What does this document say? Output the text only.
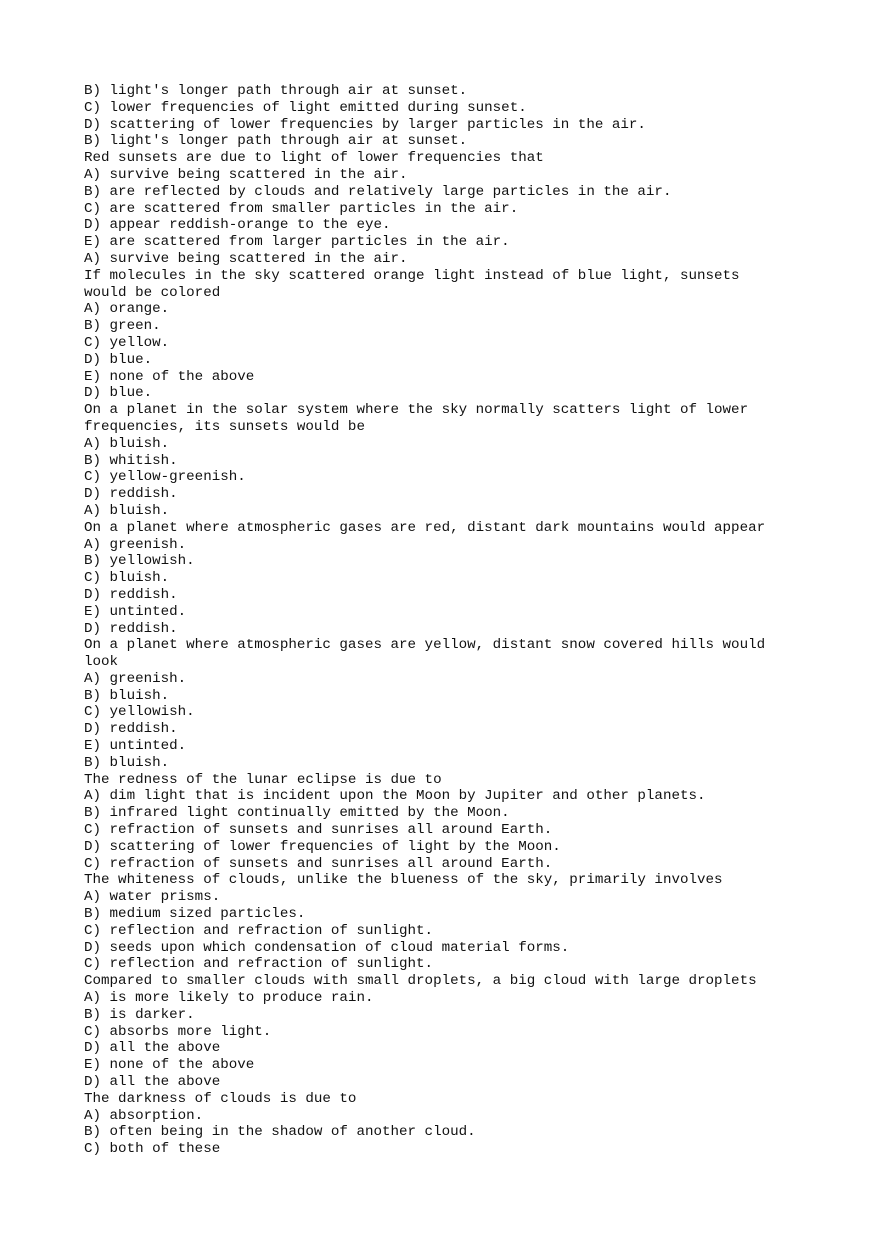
B) light's longer path through air at sunset.
C) lower frequencies of light emitted during sunset.
D) scattering of lower frequencies by larger particles in the air.
B) light's longer path through air at sunset.
Red sunsets are due to light of lower frequencies that
A) survive being scattered in the air.
B) are reflected by clouds and relatively large particles in the air.
C) are scattered from smaller particles in the air.
D) appear reddish-orange to the eye.
E) are scattered from larger particles in the air.
A) survive being scattered in the air.
If molecules in the sky scattered orange light instead of blue light, sunsets
would be colored
A) orange.
B) green.
C) yellow.
D) blue.
E) none of the above
D) blue.
On a planet in the solar system where the sky normally scatters light of lower
frequencies, its sunsets would be
A) bluish.
B) whitish.
C) yellow-greenish.
D) reddish.
A) bluish.
On a planet where atmospheric gases are red, distant dark mountains would appear
A) greenish.
B) yellowish.
C) bluish.
D) reddish.
E) untinted.
D) reddish.
On a planet where atmospheric gases are yellow, distant snow covered hills would
look
A) greenish.
B) bluish.
C) yellowish.
D) reddish.
E) untinted.
B) bluish.
The redness of the lunar eclipse is due to
A) dim light that is incident upon the Moon by Jupiter and other planets.
B) infrared light continually emitted by the Moon.
C) refraction of sunsets and sunrises all around Earth.
D) scattering of lower frequencies of light by the Moon.
C) refraction of sunsets and sunrises all around Earth.
The whiteness of clouds, unlike the blueness of the sky, primarily involves
A) water prisms.
B) medium sized particles.
C) reflection and refraction of sunlight.
D) seeds upon which condensation of cloud material forms.
C) reflection and refraction of sunlight.
Compared to smaller clouds with small droplets, a big cloud with large droplets
A) is more likely to produce rain.
B) is darker.
C) absorbs more light.
D) all the above
E) none of the above
D) all the above
The darkness of clouds is due to
A) absorption.
B) often being in the shadow of another cloud.
C) both of these
